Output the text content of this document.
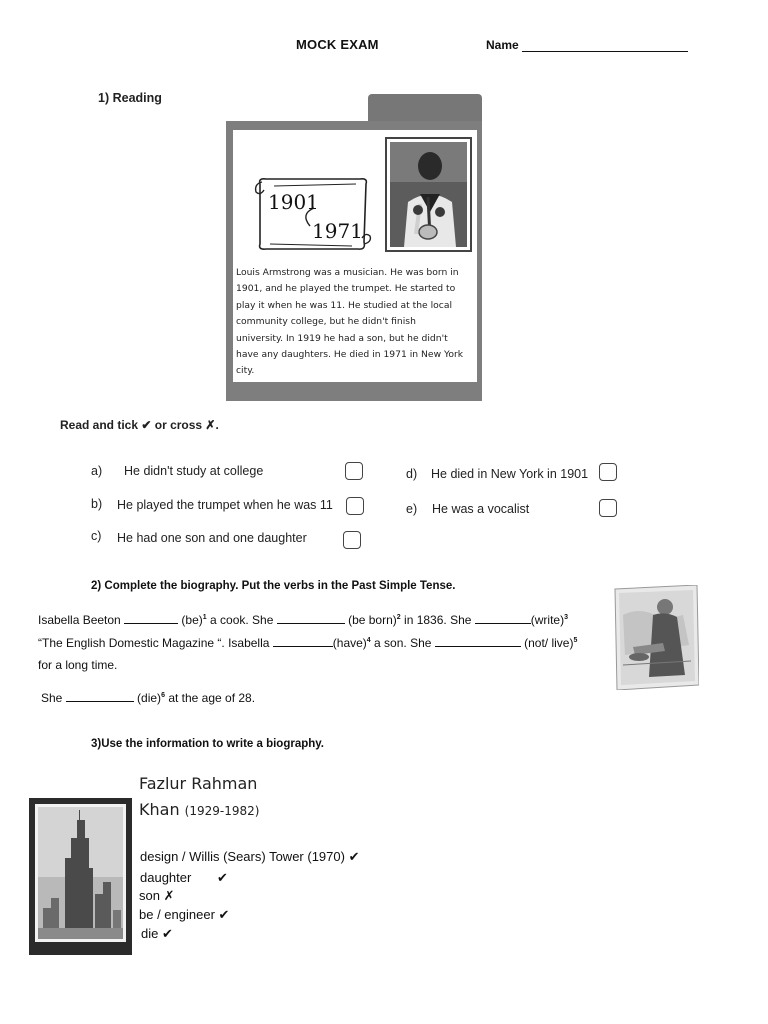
MOCK EXAM	Name
1) Reading
1901
1971
Louis Armstrong was a musician. He was born in
1901, and he played the trumpet. He started to
play it when he was 11. He studied at the local
community college, but he didn't finish
university. In 1919 he had a son, but he didn't
have any daughters. He died in 1971 in New York
city.
Read and tick ✔ or cross ✗.
a) He didn't study at college
b) He played the trumpet when he was 11
c) He had one son and one daughter
d) He died in New York in 1901
e) He was a vocalist
2) Complete the biography. Put the verbs in the Past Simple Tense.
Isabella Beeton	(be)$^1$ a cook. She	(be born)$^2$ in 1836. She	(write)$^3$
“The English Domestic Magazine “. Isabella	(have)$^4$ a son. She	(not/ live)$^5$
for a long time.
She	(die)$^6$ at the age of 28.
3)Use the information to write a biography.
Fazlur Rahman
Khan (1929-1982)
design / Willis (Sears) Tower (1970) ✔
daughter ✔
son ✗
be / engineer ✔
die ✔
